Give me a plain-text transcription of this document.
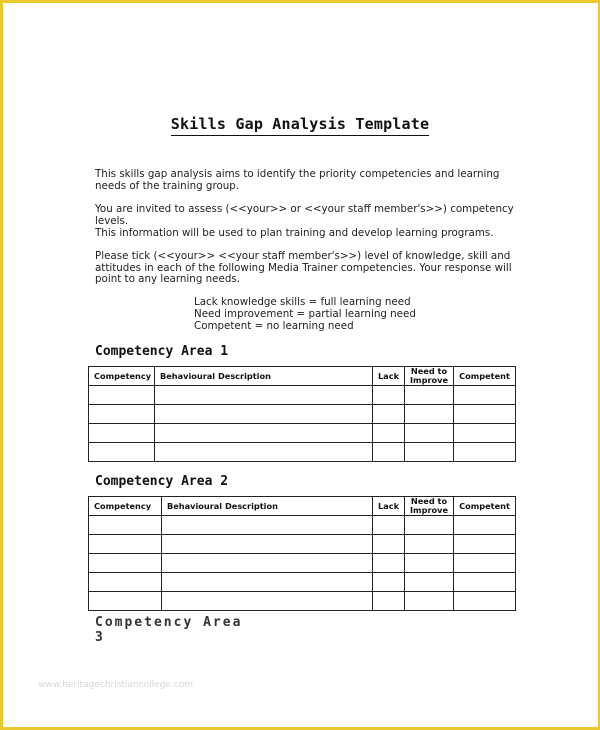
Skills Gap Analysis Template
This skills gap analysis aims to identify the priority competencies and learning needs of the training group.
You are invited to assess (<<your>> or <<your staff member's>>) competency levels.
This information will be used to plan training and develop learning programs.
Please tick (<<your>> <<your staff member's>>) level of knowledge, skill and attitudes in each of the following Media Trainer competencies. Your response will point to any learning needs.
Lack knowledge skills = full learning need
Need improvement = partial learning need
Competent = no learning need
Competency Area 1
Competency	Behavioural Description	Lack	Need to Improve	Competent

Competency Area 2
Competency	Behavioural Description	Lack	Need to Improve	Competent

Competency Area 3
www.heritagechristiancollege.com
